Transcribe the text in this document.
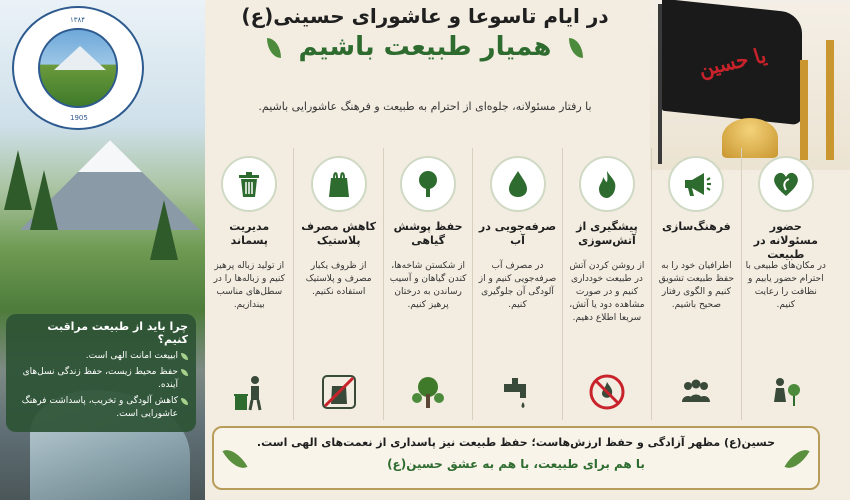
۱۳۸۴
1905
یا حسین
در ایام تاسوعا و عاشورای حسینی(ع)
همیار طبیعت باشیم
با رفتار مسئولانه، جلوه‌ای از احترام به طبیعت و فرهنگ عاشورایی باشیم.
حضور مسئولانه در طبیعت
در مکان‌های طبیعی با احترام حضور یابیم و نظافت را رعایت کنیم.
فرهنگ‌سازی
اطرافیان خود را به حفظ طبیعت تشویق کنیم و الگوی رفتار صحیح باشیم.
پیشگیری از آتش‌سوزی
از روشن کردن آتش در طبیعت خودداری کنیم و در صورت مشاهده دود یا آتش، سریعا اطلاع دهیم.
صرفه‌جویی در آب
در مصرف آب صرفه‌جویی کنیم و از آلودگی آن جلوگیری کنیم.
حفظ پوشش گیاهی
از شکستن شاخه‌ها، کندن گیاهان و آسیب رساندن به درختان پرهیز کنیم.
کاهش مصرف پلاستیک
از ظروف یکبار مصرف و پلاستیک استفاده نکنیم.
مدیریت پسماند
از تولید زباله پرهیز کنیم و زباله‌ها را در سطل‌های مناسب بیندازیم.
چرا باید از طبیعت مراقبت کنیم؟
ابییعت امانت الهی است.
حفظ محیط زیست، حفظ زندگی نسل‌های آینده.
کاهش آلودگی و تخریب، پاسداشت فرهنگ عاشورایی است.
حسین(ع) مظهر آزادگی و حفظ ارزش‌هاست؛ حفظ طبیعت نیز پاسداری از نعمت‌های الهی است.
با هم برای طبیعت، با هم به عشق حسین(ع)
